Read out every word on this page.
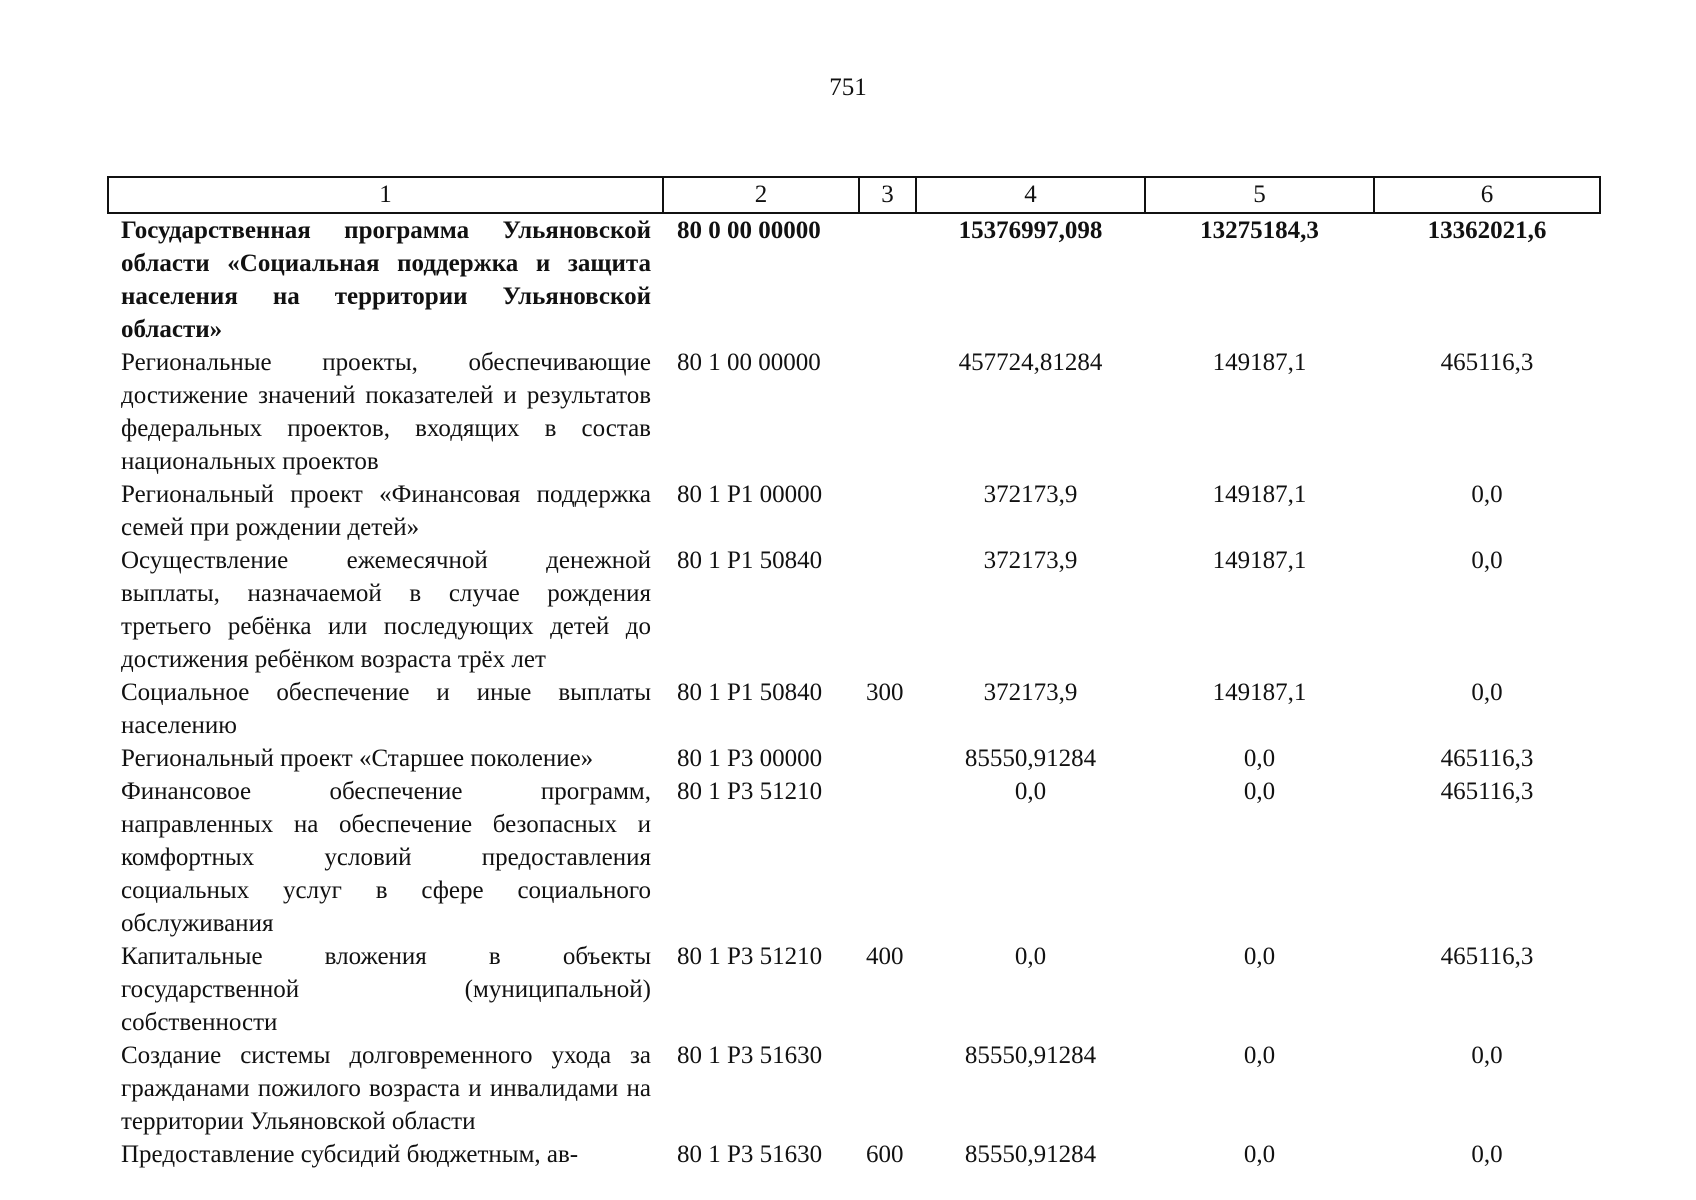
751
1	2	3	4	5	6
Государственная программа Ульяновской области «Социальная поддержка и защита населения на территории Ульяновской области»	80 0 00 00000		15376997,098	13275184,3	13362021,6
Региональные проекты, обеспечивающие достижение значений показателей и результатов федеральных проектов, входящих в состав национальных проектов	80 1 00 00000		457724,81284	149187,1	465116,3
Региональный проект «Финансовая поддержка семей при рождении детей»	80 1 P1 00000		372173,9	149187,1	0,0
Осуществление ежемесячной денежной выплаты, назначаемой в случае рождения третьего ребёнка или последующих детей до достижения ребёнком возраста трёх лет	80 1 P1 50840		372173,9	149187,1	0,0
Социальное обеспечение и иные выплаты населению	80 1 P1 50840	300	372173,9	149187,1	0,0
Региональный проект «Старшее поколение»	80 1 P3 00000		85550,91284	0,0	465116,3
Финансовое обеспечение программ, направленных на обеспечение безопасных и комфортных условий предоставления социальных услуг в сфере социального обслуживания	80 1 P3 51210		0,0	0,0	465116,3
Капитальные вложения в объекты государственной (муниципальной) собственности	80 1 P3 51210	400	0,0	0,0	465116,3
Создание системы долговременного ухода за гражданами пожилого возраста и инвалидами на территории Ульяновской области	80 1 P3 51630		85550,91284	0,0	0,0
Предоставление субсидий бюджетным, ав-	80 1 P3 51630	600	85550,91284	0,0	0,0
